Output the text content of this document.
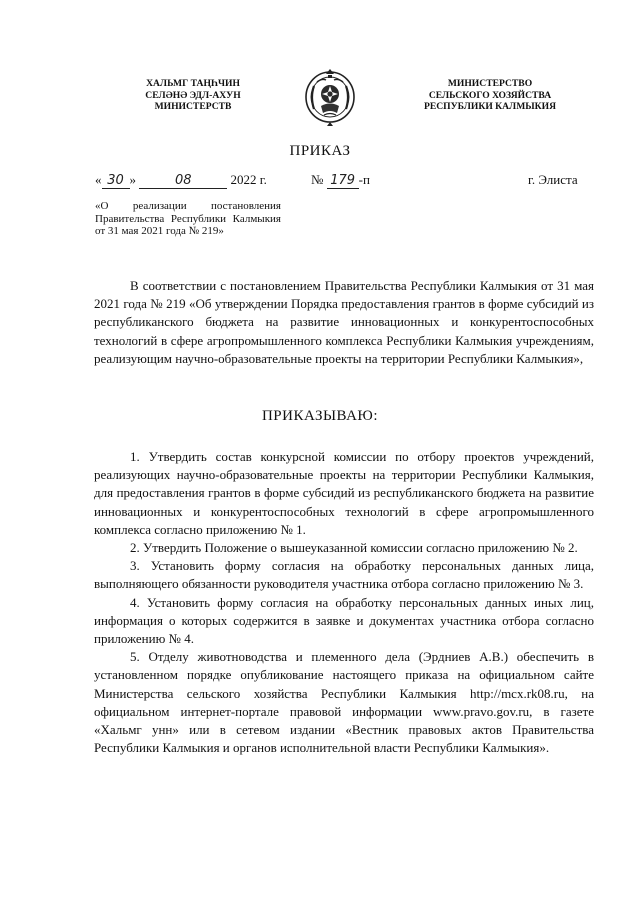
ХАЛЬМГ ТАҢҺЧИН
СЕЛӘНӘ ЭДЛ-АХУН
МИНИСТЕРСТВ
МИНИСТЕРСТВО
СЕЛЬСКОГО ХОЗЯЙСТВА
РЕСПУБЛИКИ КАЛМЫКИЯ
ПРИКАЗ
« 30 »	08	2022 г.	№ 179 -п	г. Элиста
«О реализации постановления Правительства Республики Калмыкия от 31 мая 2021 года № 219»

В соответствии с постановлением Правительства Республики Калмыкия от 31 мая 2021 года № 219 «Об утверждении Порядка предоставления грантов в форме субсидий из республиканского бюджета на развитие инновационных и конкурентоспособных технологий в сфере агропромышленного комплекса Республики Калмыкия учреждениям, реализующим научно-образовательные проекты на территории Республики Калмыкия»,

ПРИКАЗЫВАЮ:

1. Утвердить состав конкурсной комиссии по отбору проектов учреждений, реализующих научно-образовательные проекты на территории Республики Калмыкия, для предоставления грантов в форме субсидий из республиканского бюджета на развитие инновационных и конкурентоспособных технологий в сфере агропромышленного комплекса согласно приложению № 1.

2. Утвердить Положение о вышеуказанной комиссии согласно приложению № 2.

3. Установить форму согласия на обработку персональных данных лица, выполняющего обязанности руководителя участника отбора согласно приложению № 3.

4. Установить форму согласия на обработку персональных данных иных лиц, информация о которых содержится в заявке и документах участника отбора согласно приложению № 4.

5. Отделу животноводства и племенного дела (Эрдниев А.В.) обеспечить в установленном порядке опубликование настоящего приказа на официальном сайте Министерства сельского хозяйства Республики Калмыкия http://mcx.rk08.ru, на официальном интернет-портале правовой информации www.pravo.gov.ru, в газете «Хальмг унн» или в сетевом издании «Вестник правовых актов Правительства Республики Калмыкия и органов исполнительной власти Республики Калмыкия».
